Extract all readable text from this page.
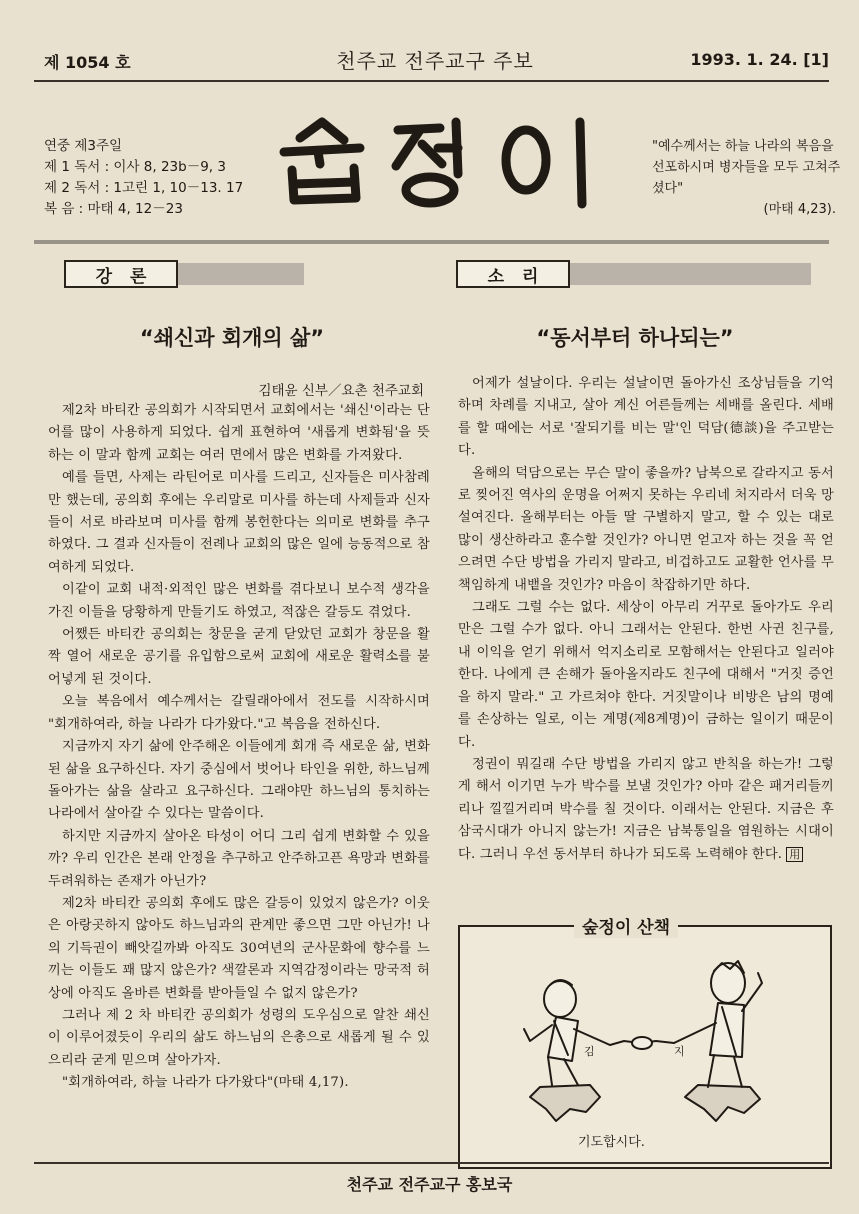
제 1054 호	천주교 전주교구 주보	1993. 1. 24. [1]
연중 제3주일
제 1 독서 : 이사 8, 23b－9, 3
제 2 독서 : 1고린 1, 10－13. 17
복 음 : 마태 4, 12－23
"예수께서는 하늘 나라의 복음을 선포하시며 병자들을 모두 고쳐주셨다"
(마태 4,23).
강론	소리
“쇄신과 회개의 삶”	“동서부터 하나되는”
김태윤 신부／요촌 천주교회

제2차 바티칸 공의회가 시작되면서 교회에서는 '쇄신'이라는 단어를 많이 사용하게 되었다. 쉽게 표현하여 '새롭게 변화됨'을 뜻하는 이 말과 함께 교회는 여러 면에서 많은 변화를 가져왔다.

예를 들면, 사제는 라틴어로 미사를 드리고, 신자들은 미사참례만 했는데, 공의회 후에는 우리말로 미사를 하는데 사제들과 신자들이 서로 바라보며 미사를 함께 봉헌한다는 의미로 변화를 추구하였다. 그 결과 신자들이 전례나 교회의 많은 일에 능동적으로 참여하게 되었다.

이같이 교회 내적·외적인 많은 변화를 겪다보니 보수적 생각을 가진 이들을 당황하게 만들기도 하였고, 적잖은 갈등도 겪었다.

어쨌든 바티칸 공의회는 창문을 굳게 닫았던 교회가 창문을 활짝 열어 새로운 공기를 유입함으로써 교회에 새로운 활력소를 불어넣게 된 것이다.

오늘 복음에서 예수께서는 갈릴래아에서 전도를 시작하시며 "회개하여라, 하늘 나라가 다가왔다."고 복음을 전하신다.

지금까지 자기 삶에 안주해온 이들에게 회개 즉 새로운 삶, 변화된 삶을 요구하신다. 자기 중심에서 벗어나 타인을 위한, 하느님께 돌아가는 삶을 살라고 요구하신다. 그래야만 하느님의 통치하는 나라에서 살아갈 수 있다는 말씀이다.

하지만 지금까지 살아온 타성이 어디 그리 쉽게 변화할 수 있을까? 우리 인간은 본래 안정을 추구하고 안주하고픈 욕망과 변화를 두려워하는 존재가 아닌가?

제2차 바티칸 공의회 후에도 많은 갈등이 있었지 않은가? 이웃은 아랑곳하지 않아도 하느님과의 관계만 좋으면 그만 아닌가! 나의 기득권이 빼앗길까봐 아직도 30여년의 군사문화에 향수를 느끼는 이들도 꽤 많지 않은가? 색깔론과 지역감정이라는 망국적 허상에 아직도 올바른 변화를 받아들일 수 없지 않은가?

그러나 제 2 차 바티칸 공의회가 성령의 도우심으로 알찬 쇄신이 이루어졌듯이 우리의 삶도 하느님의 은총으로 새롭게 될 수 있으리라 굳게 믿으며 살아가자.

"회개하여라, 하늘 나라가 다가왔다"(마태 4,17).

어제가 설날이다. 우리는 설날이면 돌아가신 조상님들을 기억하며 차례를 지내고, 살아 계신 어른들께는 세배를 올린다. 세배를 할 때에는 서로 '잘되기를 비는 말'인 덕담(德談)을 주고받는다.

올해의 덕담으로는 무슨 말이 좋을까? 남북으로 갈라지고 동서로 찢어진 역사의 운명을 어쩌지 못하는 우리네 처지라서 더욱 망설여진다. 올해부터는 아들 딸 구별하지 말고, 할 수 있는 대로 많이 생산하라고 훈수할 것인가? 아니면 얻고자 하는 것을 꼭 얻으려면 수단 방법을 가리지 말라고, 비겁하고도 교활한 언사를 무책임하게 내뱉을 것인가? 마음이 착잡하기만 하다.

그래도 그럴 수는 없다. 세상이 아무리 거꾸로 돌아가도 우리만은 그럴 수가 없다. 아니 그래서는 안된다. 한번 사귄 친구를, 내 이익을 얻기 위해서 억지소리로 모함해서는 안된다고 일러야 한다. 나에게 큰 손해가 돌아올지라도 친구에 대해서 "거짓 증언을 하지 말라." 고 가르쳐야 한다. 거짓말이나 비방은 남의 명예를 손상하는 일로, 이는 계명(제8계명)이 금하는 일이기 때문이다.

정권이 뭐길래 수단 방법을 가리지 않고 반칙을 하는가! 그렇게 해서 이기면 누가 박수를 보낼 것인가? 아마 같은 패거리들끼리나 낄낄거리며 박수를 칠 것이다. 이래서는 안된다. 지금은 후삼국시대가 아니지 않는가! 지금은 남북통일을 염원하는 시대이다. 그러니 우선 동서부터 하나가 되도록 노력해야 한다. 用

숲정이 산책
김	지
기도합시다.
천주교 전주교구 홍보국
